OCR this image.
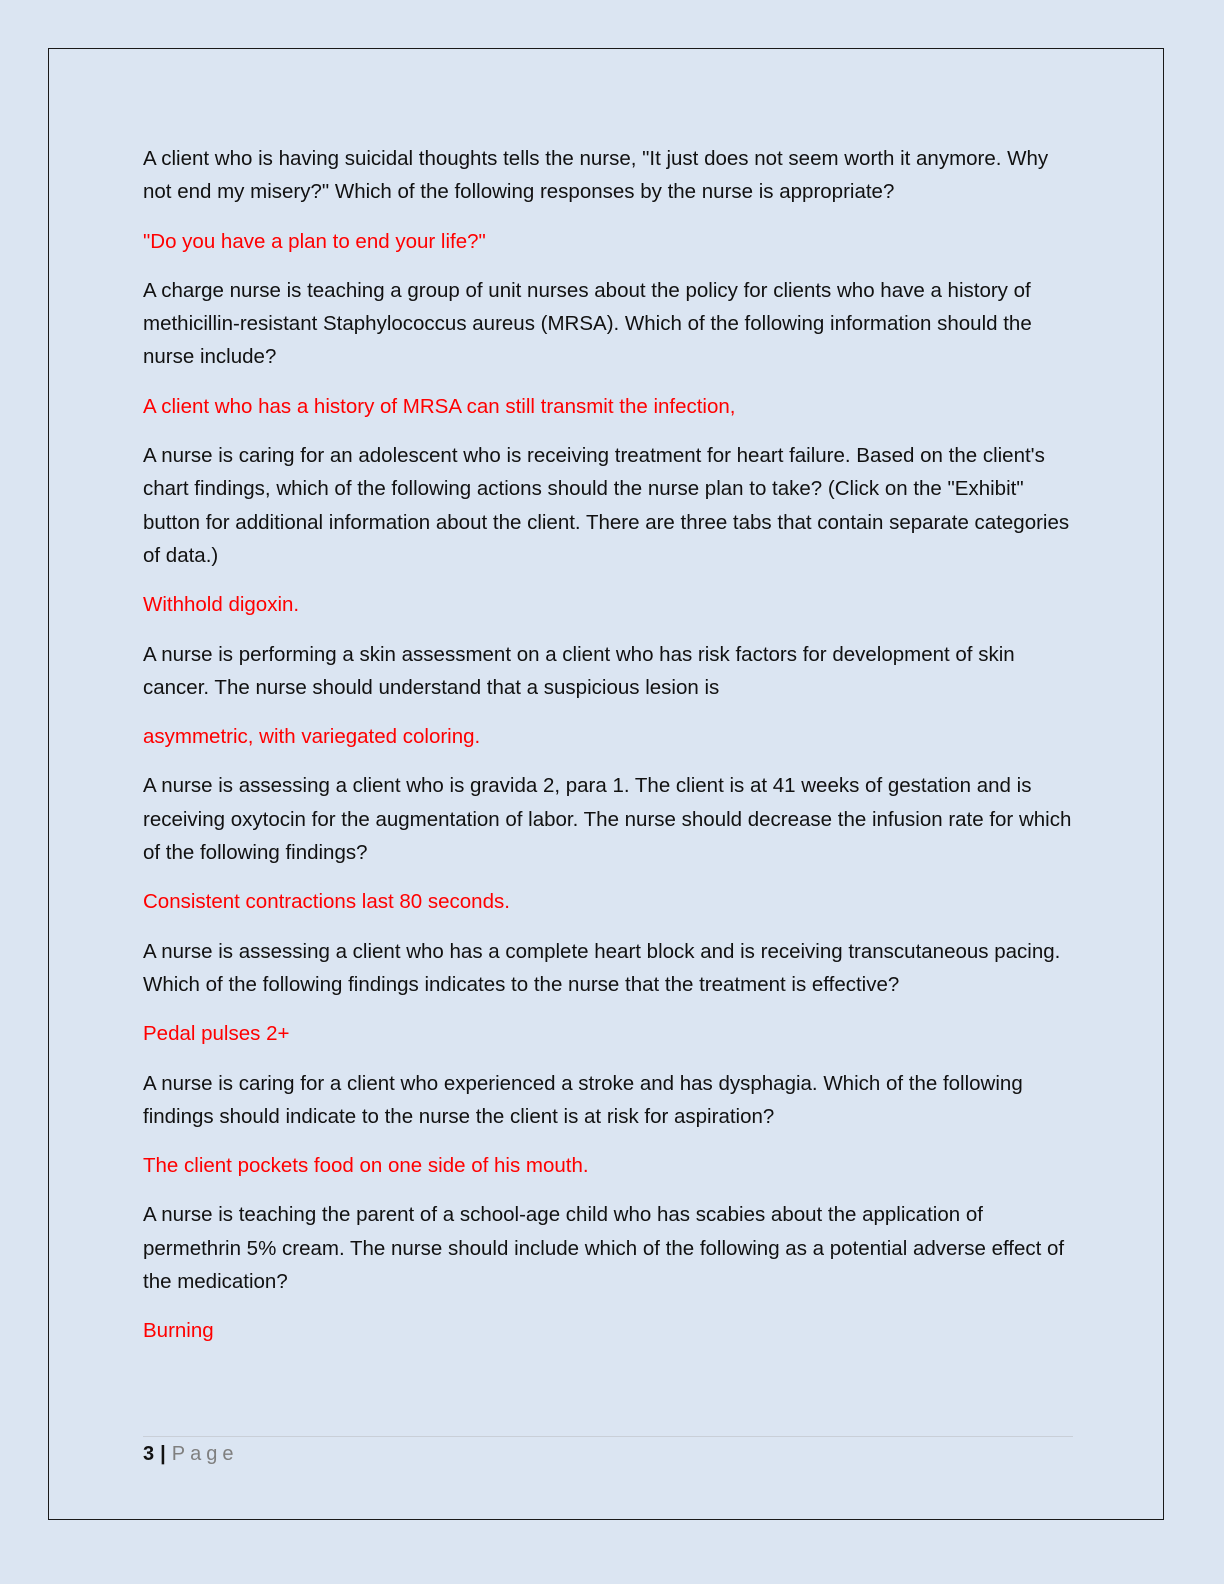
A client who is having suicidal thoughts tells the nurse, "It just does not seem worth it anymore. Why not end my misery?" Which of the following responses by the nurse is appropriate?

"Do you have a plan to end your life?"

A charge nurse is teaching a group of unit nurses about the policy for clients who have a history of methicillin-resistant Staphylococcus aureus (MRSA). Which of the following information should the nurse include?

A client who has a history of MRSA can still transmit the infection,

A nurse is caring for an adolescent who is receiving treatment for heart failure. Based on the client's chart findings, which of the following actions should the nurse plan to take? (Click on the "Exhibit" button for additional information about the client. There are three tabs that contain separate categories of data.)

Withhold digoxin.

A nurse is performing a skin assessment on a client who has risk factors for development of skin cancer. The nurse should understand that a suspicious lesion is

asymmetric, with variegated coloring.

A nurse is assessing a client who is gravida 2, para 1. The client is at 41 weeks of gestation and is receiving oxytocin for the augmentation of labor. The nurse should decrease the infusion rate for which of the following findings?

Consistent contractions last 80 seconds.

A nurse is assessing a client who has a complete heart block and is receiving transcutaneous pacing. Which of the following findings indicates to the nurse that the treatment is effective?

Pedal pulses 2+

A nurse is caring for a client who experienced a stroke and has dysphagia. Which of the following findings should indicate to the nurse the client is at risk for aspiration?

The client pockets food on one side of his mouth.

A nurse is teaching the parent of a school-age child who has scabies about the application of permethrin 5% cream. The nurse should include which of the following as a potential adverse effect of the medication?

Burning

3 | Page
